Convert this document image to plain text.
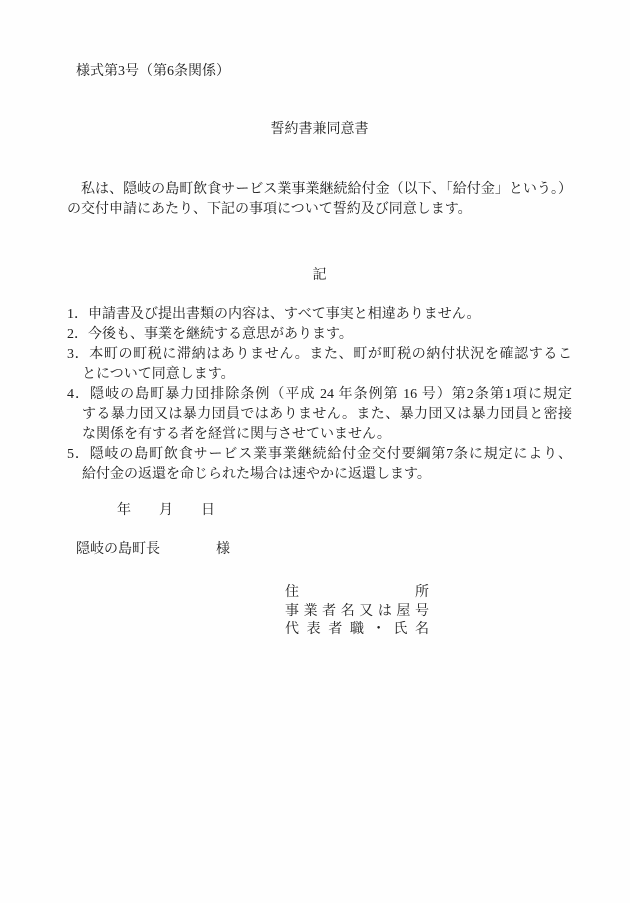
様式第3号（第6条関係）
誓約書兼同意書
　私は、隠岐の島町飲食サービス業事業継続給付金（以下、「給付金」という。）
の交付申請にあたり、下記の事項について誓約及び同意します。
記
1．申請書及び提出書類の内容は、すべて事実と相違ありません。
2．今後も、事業を継続する意思があります。
3．本町の町税に滞納はありません。また、町が町税の納付状況を確認するこ
とについて同意します。
4．隠岐の島町暴力団排除条例（平成 24 年条例第 16 号）第2条第1項に規定
する暴力団又は暴力団員ではありません。また、暴力団又は暴力団員と密接
な関係を有する者を経営に関与させていません。
5．隠岐の島町飲食サービス業事業継続給付金交付要綱第7条に規定により、
給付金の返還を命じられた場合は速やかに返還します。
年　　月　　日
隠岐の島町長　　　　様
住所
事業者名又は屋号
代表者職・氏名
